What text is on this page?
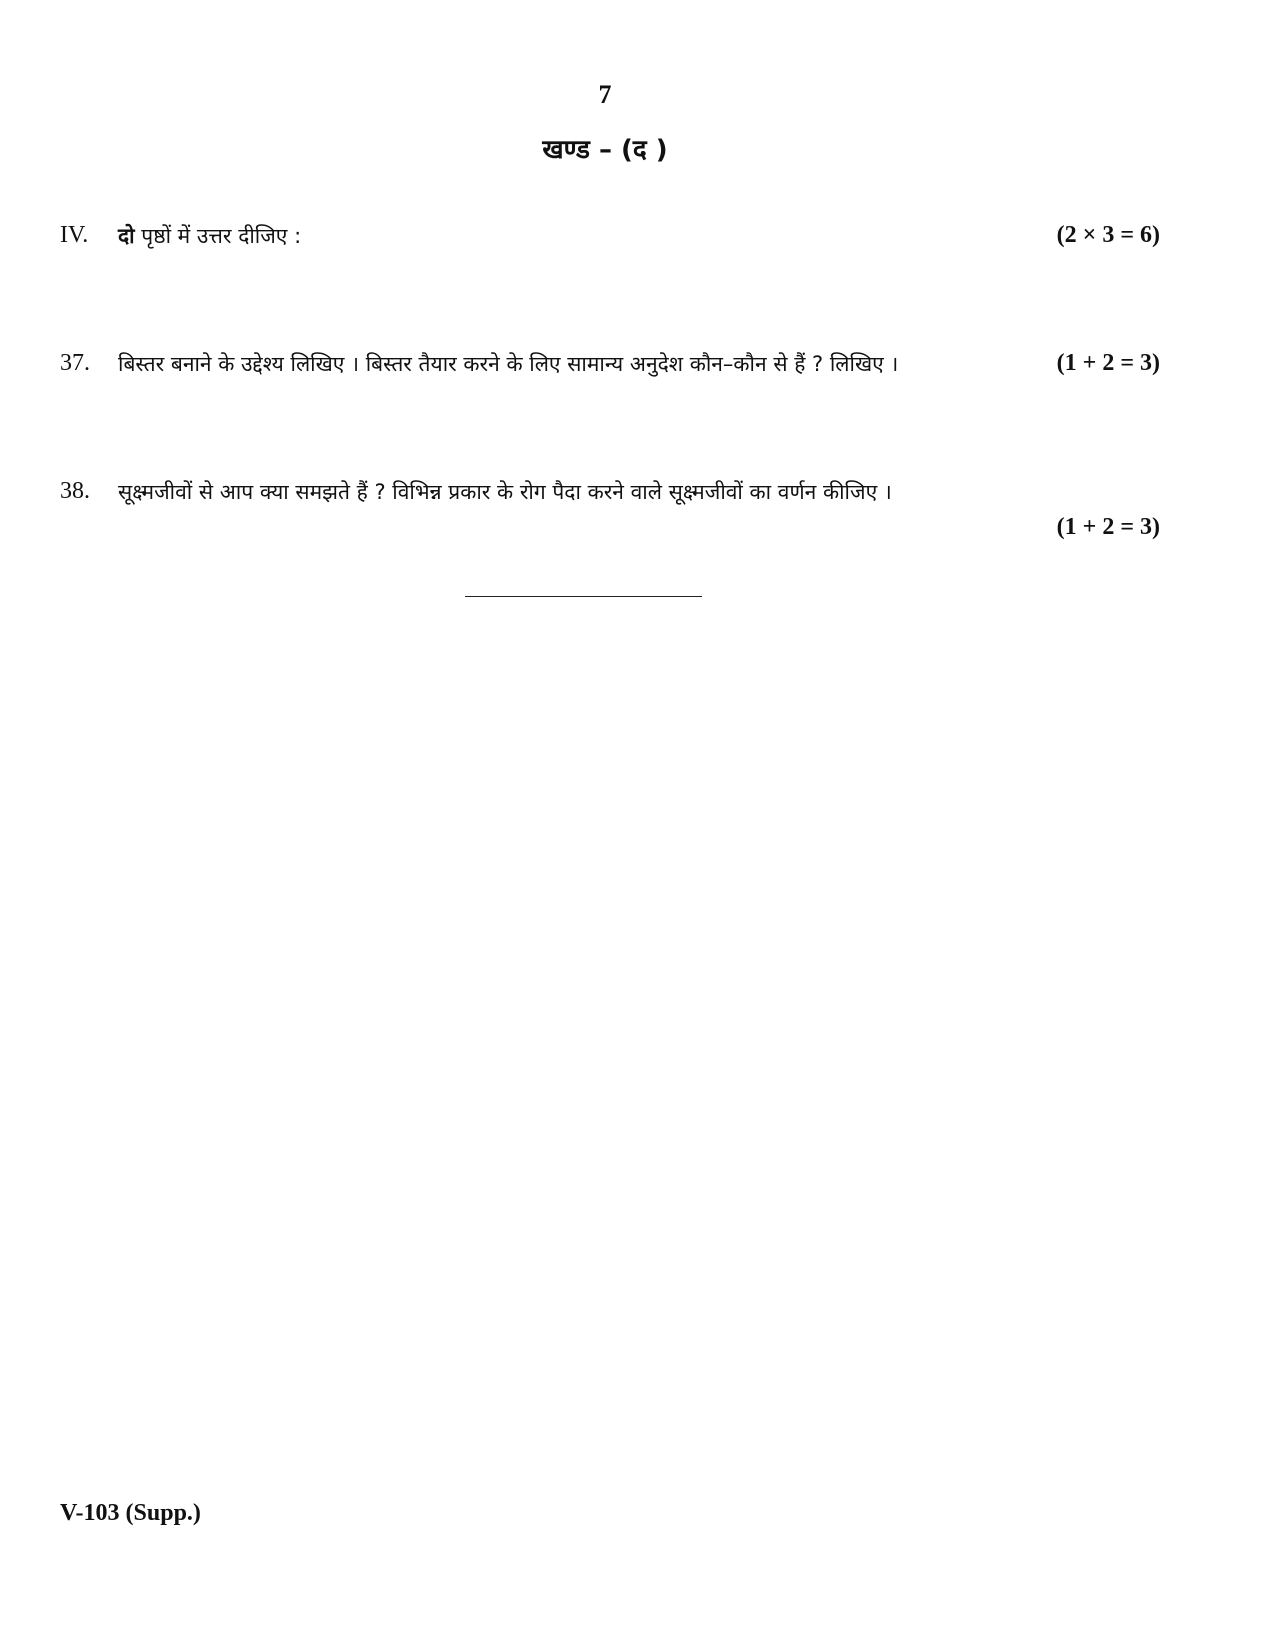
7
खण्ड – (द )
IV. दो पृष्ठों में उत्तर दीजिए :	(2 × 3 = 6)
37. बिस्तर बनाने के उद्देश्य लिखिए । बिस्तर तैयार करने के लिए सामान्य अनुदेश कौन–कौन से हैं ? लिखिए ।	(1 + 2 = 3)
38. सूक्ष्मजीवों से आप क्या समझते हैं ? विभिन्न प्रकार के रोग पैदा करने वाले सूक्ष्मजीवों का वर्णन कीजिए ।
(1 + 2 = 3)
V-103 (Supp.)
